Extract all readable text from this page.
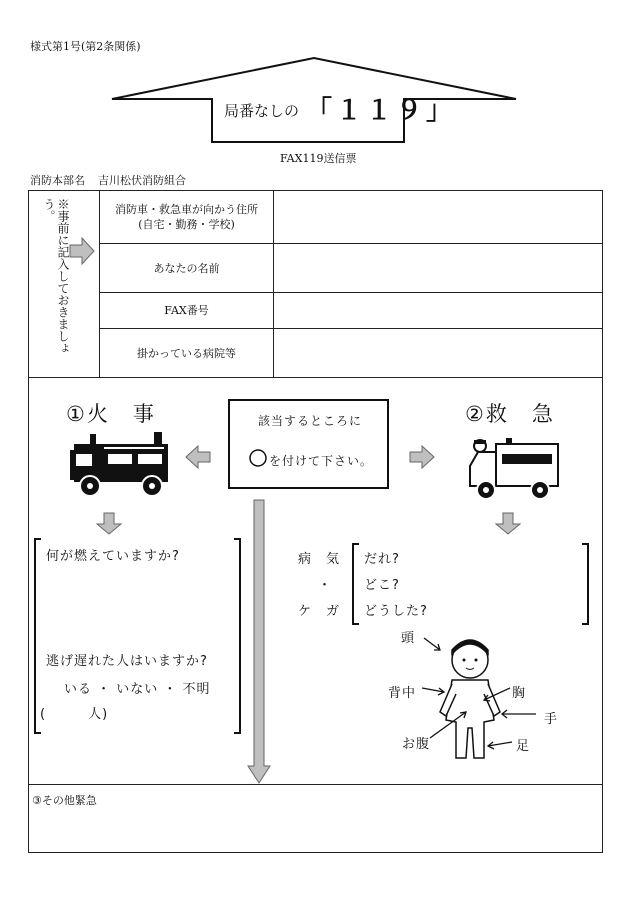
様式第1号(第2条関係)
局番なしの 「１１９」
FAX119送信票
消防本部名 吉川松伏消防組合
※事前に記入しておきましょう。	消防車・救急車が向かう住所
(自宅・勤務・学校)
あなたの名前
FAX番号
掛かっている病院等
①火　事
何が燃えていますか?
逃げ遅れた人はいますか?
いる ・ いない ・ 不明
(　　　人)
該当するところに
を付けて下さい。
②救　急
病　気
・
ケ　ガ
だれ?
どこ?
どうした?
頭
背中	胸
手
お腹	足
③その他緊急
